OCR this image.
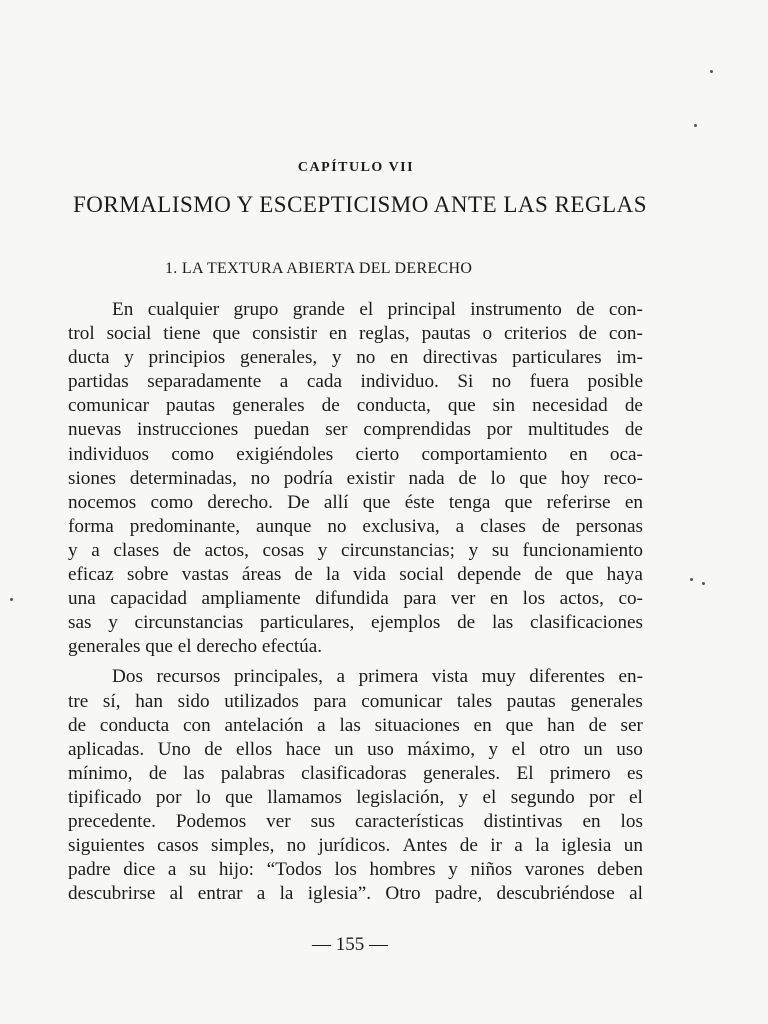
CAPÍTULO VII
FORMALISMO Y ESCEPTICISMO ANTE LAS REGLAS
1. LA TEXTURA ABIERTA DEL DERECHO
En cualquier grupo grande el principal instrumento de con-
trol social tiene que consistir en reglas, pautas o criterios de con-
ducta y principios generales, y no en directivas particulares im-
partidas separadamente a cada individuo. Si no fuera posible
comunicar pautas generales de conducta, que sin necesidad de
nuevas instrucciones puedan ser comprendidas por multitudes de
individuos como exigiéndoles cierto comportamiento en oca-
siones determinadas, no podría existir nada de lo que hoy reco-
nocemos como derecho. De allí que éste tenga que referirse en
forma predominante, aunque no exclusiva, a clases de personas
y a clases de actos, cosas y circunstancias; y su funcionamiento
eficaz sobre vastas áreas de la vida social depende de que haya
una capacidad ampliamente difundida para ver en los actos, co-
sas y circunstancias particulares, ejemplos de las clasificaciones
generales que el derecho efectúa.
Dos recursos principales, a primera vista muy diferentes en-
tre sí, han sido utilizados para comunicar tales pautas generales
de conducta con antelación a las situaciones en que han de ser
aplicadas. Uno de ellos hace un uso máximo, y el otro un uso
mínimo, de las palabras clasificadoras generales. El primero es
tipificado por lo que llamamos legislación, y el segundo por el
precedente. Podemos ver sus características distintivas en los
siguientes casos simples, no jurídicos. Antes de ir a la iglesia un
padre dice a su hijo: “Todos los hombres y niños varones deben
descubrirse al entrar a la iglesia”. Otro padre, descubriéndose al
— 155 —
